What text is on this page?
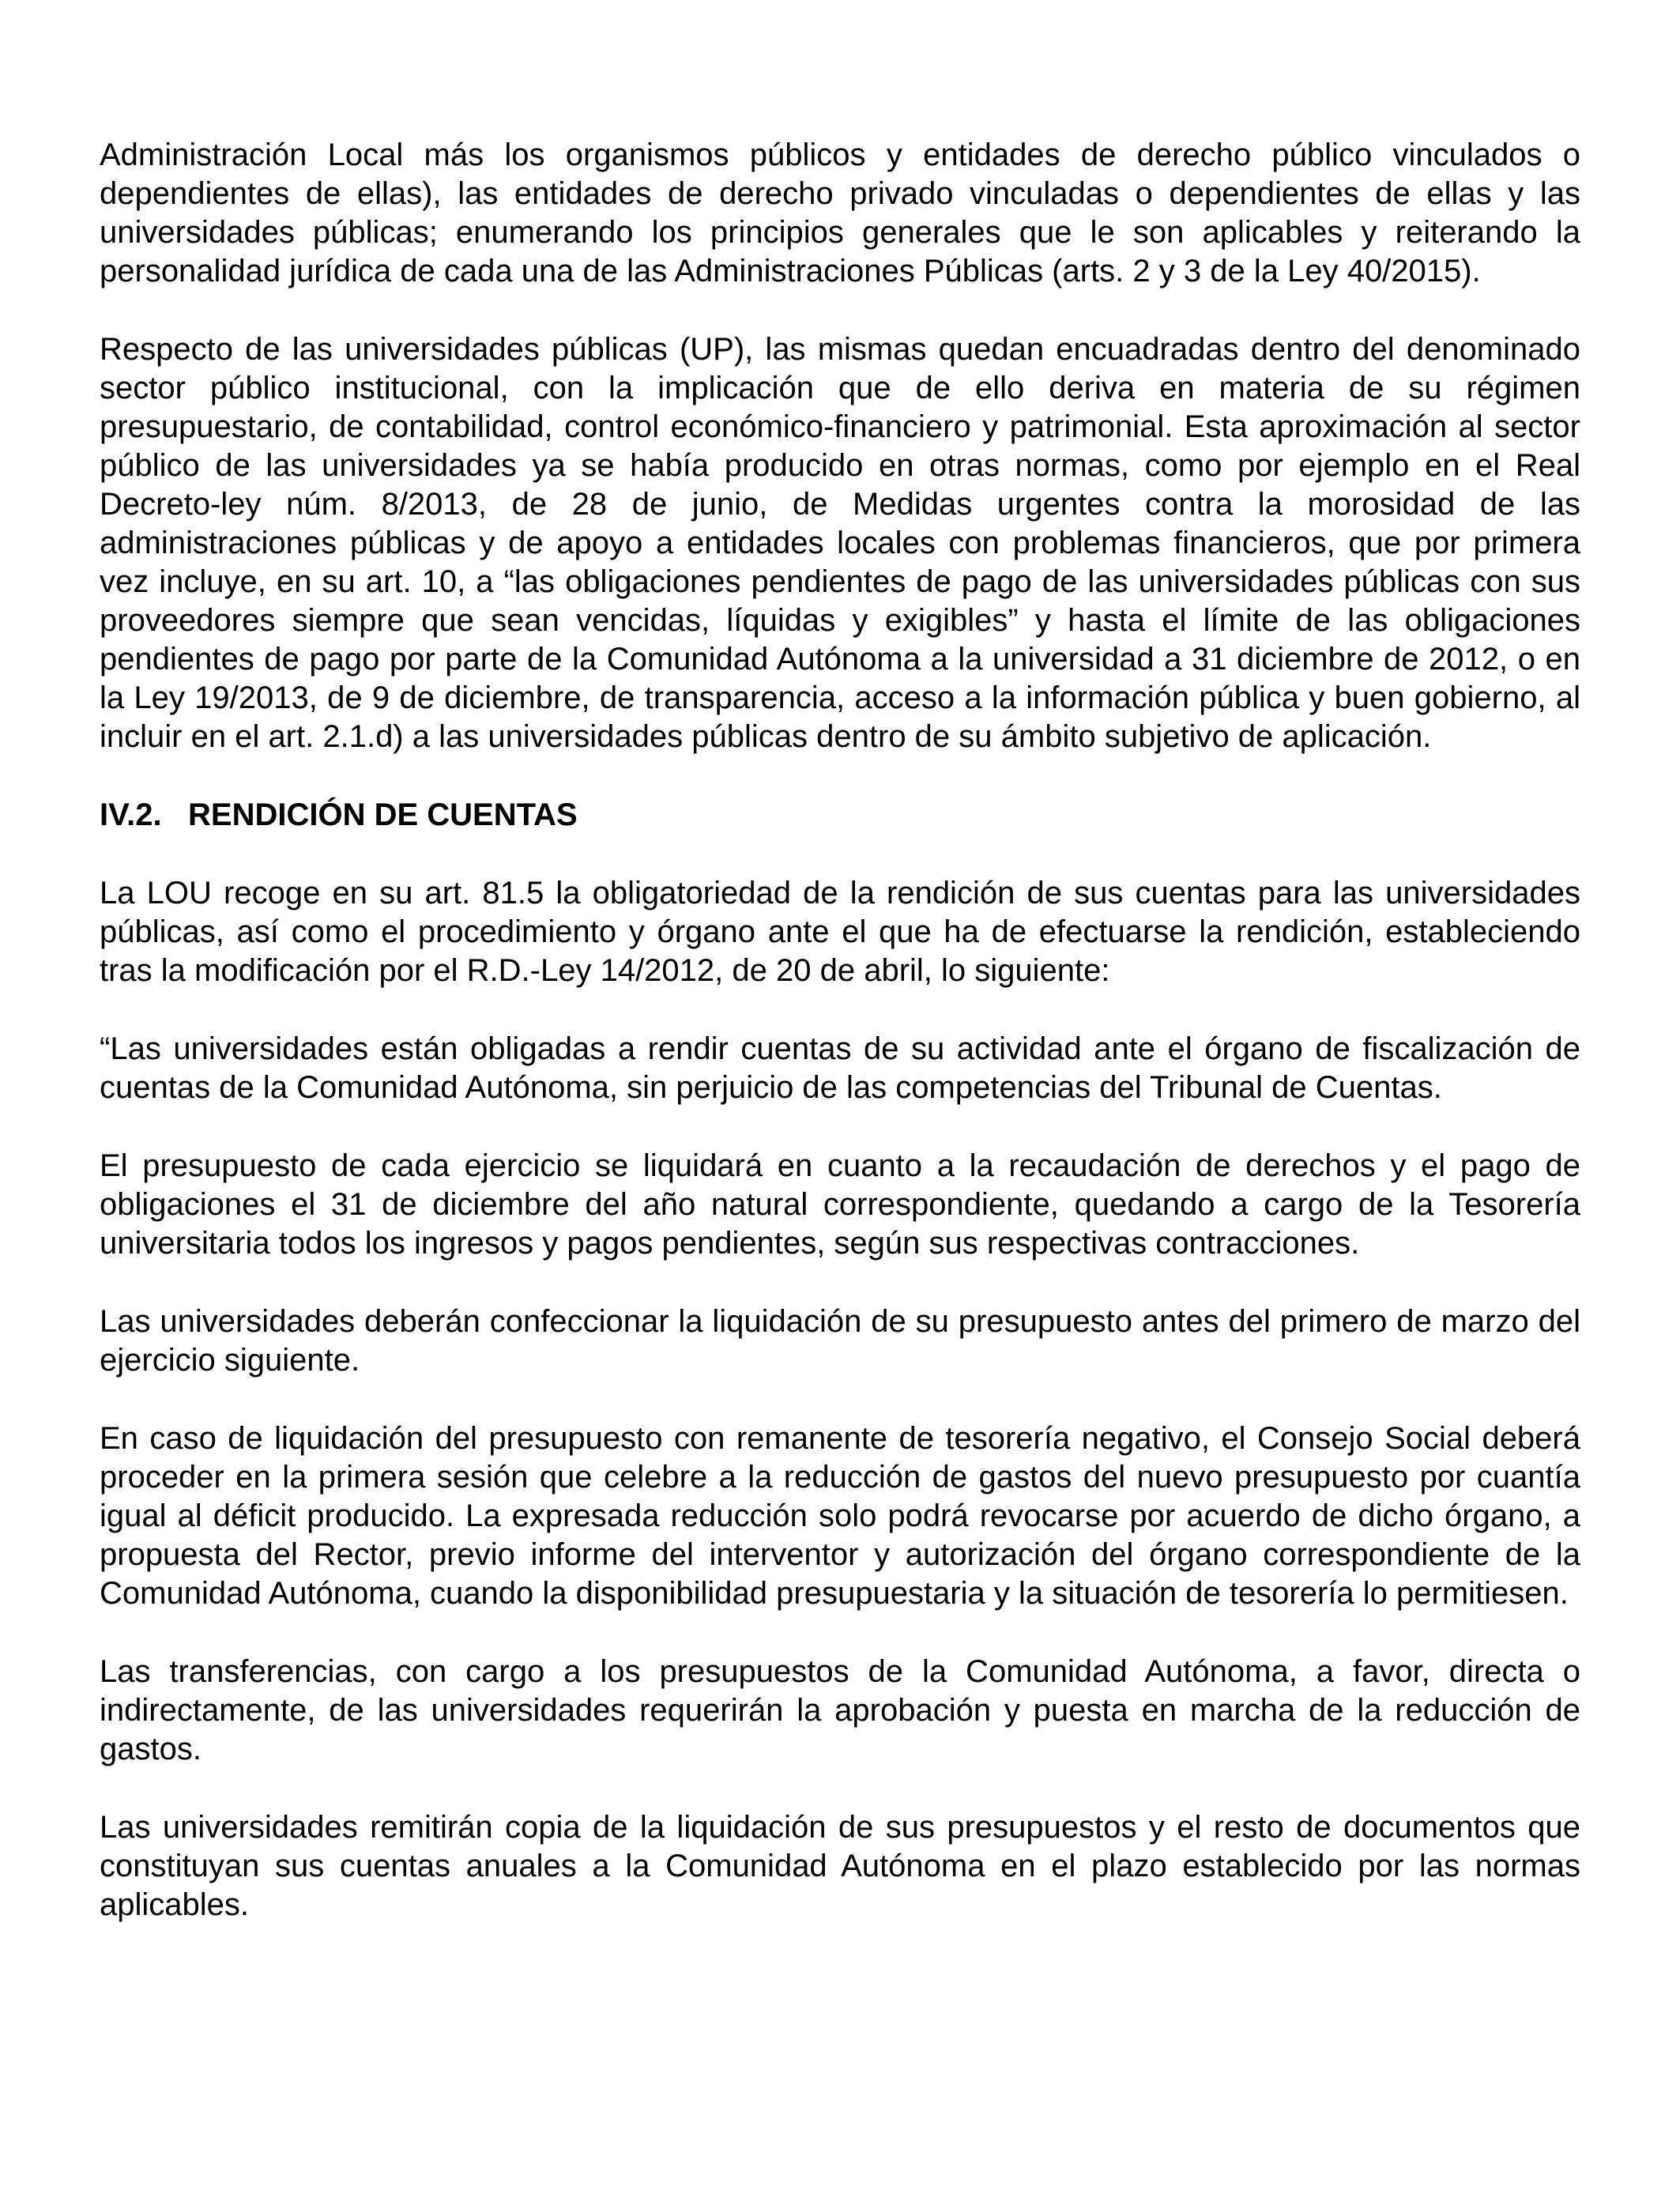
Administración Local más los organismos públicos y entidades de derecho público vinculados o dependientes de ellas), las entidades de derecho privado vinculadas o dependientes de ellas y las universidades públicas; enumerando los principios generales que le son aplicables y reiterando la personalidad jurídica de cada una de las Administraciones Públicas (arts. 2 y 3 de la Ley 40/2015).

Respecto de las universidades públicas (UP), las mismas quedan encuadradas dentro del denominado sector público institucional, con la implicación que de ello deriva en materia de su régimen presupuestario, de contabilidad, control económico-financiero y patrimonial. Esta aproximación al sector público de las universidades ya se había producido en otras normas, como por ejemplo en el Real Decreto-ley núm. 8/2013, de 28 de junio, de Medidas urgentes contra la morosidad de las administraciones públicas y de apoyo a entidades locales con problemas financieros, que por primera vez incluye, en su art. 10, a “las obligaciones pendientes de pago de las universidades públicas con sus proveedores siempre que sean vencidas, líquidas y exigibles” y hasta el límite de las obligaciones pendientes de pago por parte de la Comunidad Autónoma a la universidad a 31 diciembre de 2012, o en la Ley 19/2013, de 9 de diciembre, de transparencia, acceso a la información pública y buen gobierno, al incluir en el art. 2.1.d) a las universidades públicas dentro de su ámbito subjetivo de aplicación.

IV.2. RENDICIÓN DE CUENTAS

La LOU recoge en su art. 81.5 la obligatoriedad de la rendición de sus cuentas para las universidades públicas, así como el procedimiento y órgano ante el que ha de efectuarse la rendición, estableciendo tras la modificación por el R.D.-Ley 14/2012, de 20 de abril, lo siguiente:

“Las universidades están obligadas a rendir cuentas de su actividad ante el órgano de fiscalización de cuentas de la Comunidad Autónoma, sin perjuicio de las competencias del Tribunal de Cuentas.

El presupuesto de cada ejercicio se liquidará en cuanto a la recaudación de derechos y el pago de obligaciones el 31 de diciembre del año natural correspondiente, quedando a cargo de la Tesorería universitaria todos los ingresos y pagos pendientes, según sus respectivas contracciones.

Las universidades deberán confeccionar la liquidación de su presupuesto antes del primero de marzo del ejercicio siguiente.

En caso de liquidación del presupuesto con remanente de tesorería negativo, el Consejo Social deberá proceder en la primera sesión que celebre a la reducción de gastos del nuevo presupuesto por cuantía igual al déficit producido. La expresada reducción solo podrá revocarse por acuerdo de dicho órgano, a propuesta del Rector, previo informe del interventor y autorización del órgano correspondiente de la Comunidad Autónoma, cuando la disponibilidad presupuestaria y la situación de tesorería lo permitiesen.

Las transferencias, con cargo a los presupuestos de la Comunidad Autónoma, a favor, directa o indirectamente, de las universidades requerirán la aprobación y puesta en marcha de la reducción de gastos.

Las universidades remitirán copia de la liquidación de sus presupuestos y el resto de documentos que constituyan sus cuentas anuales a la Comunidad Autónoma en el plazo establecido por las normas aplicables.
